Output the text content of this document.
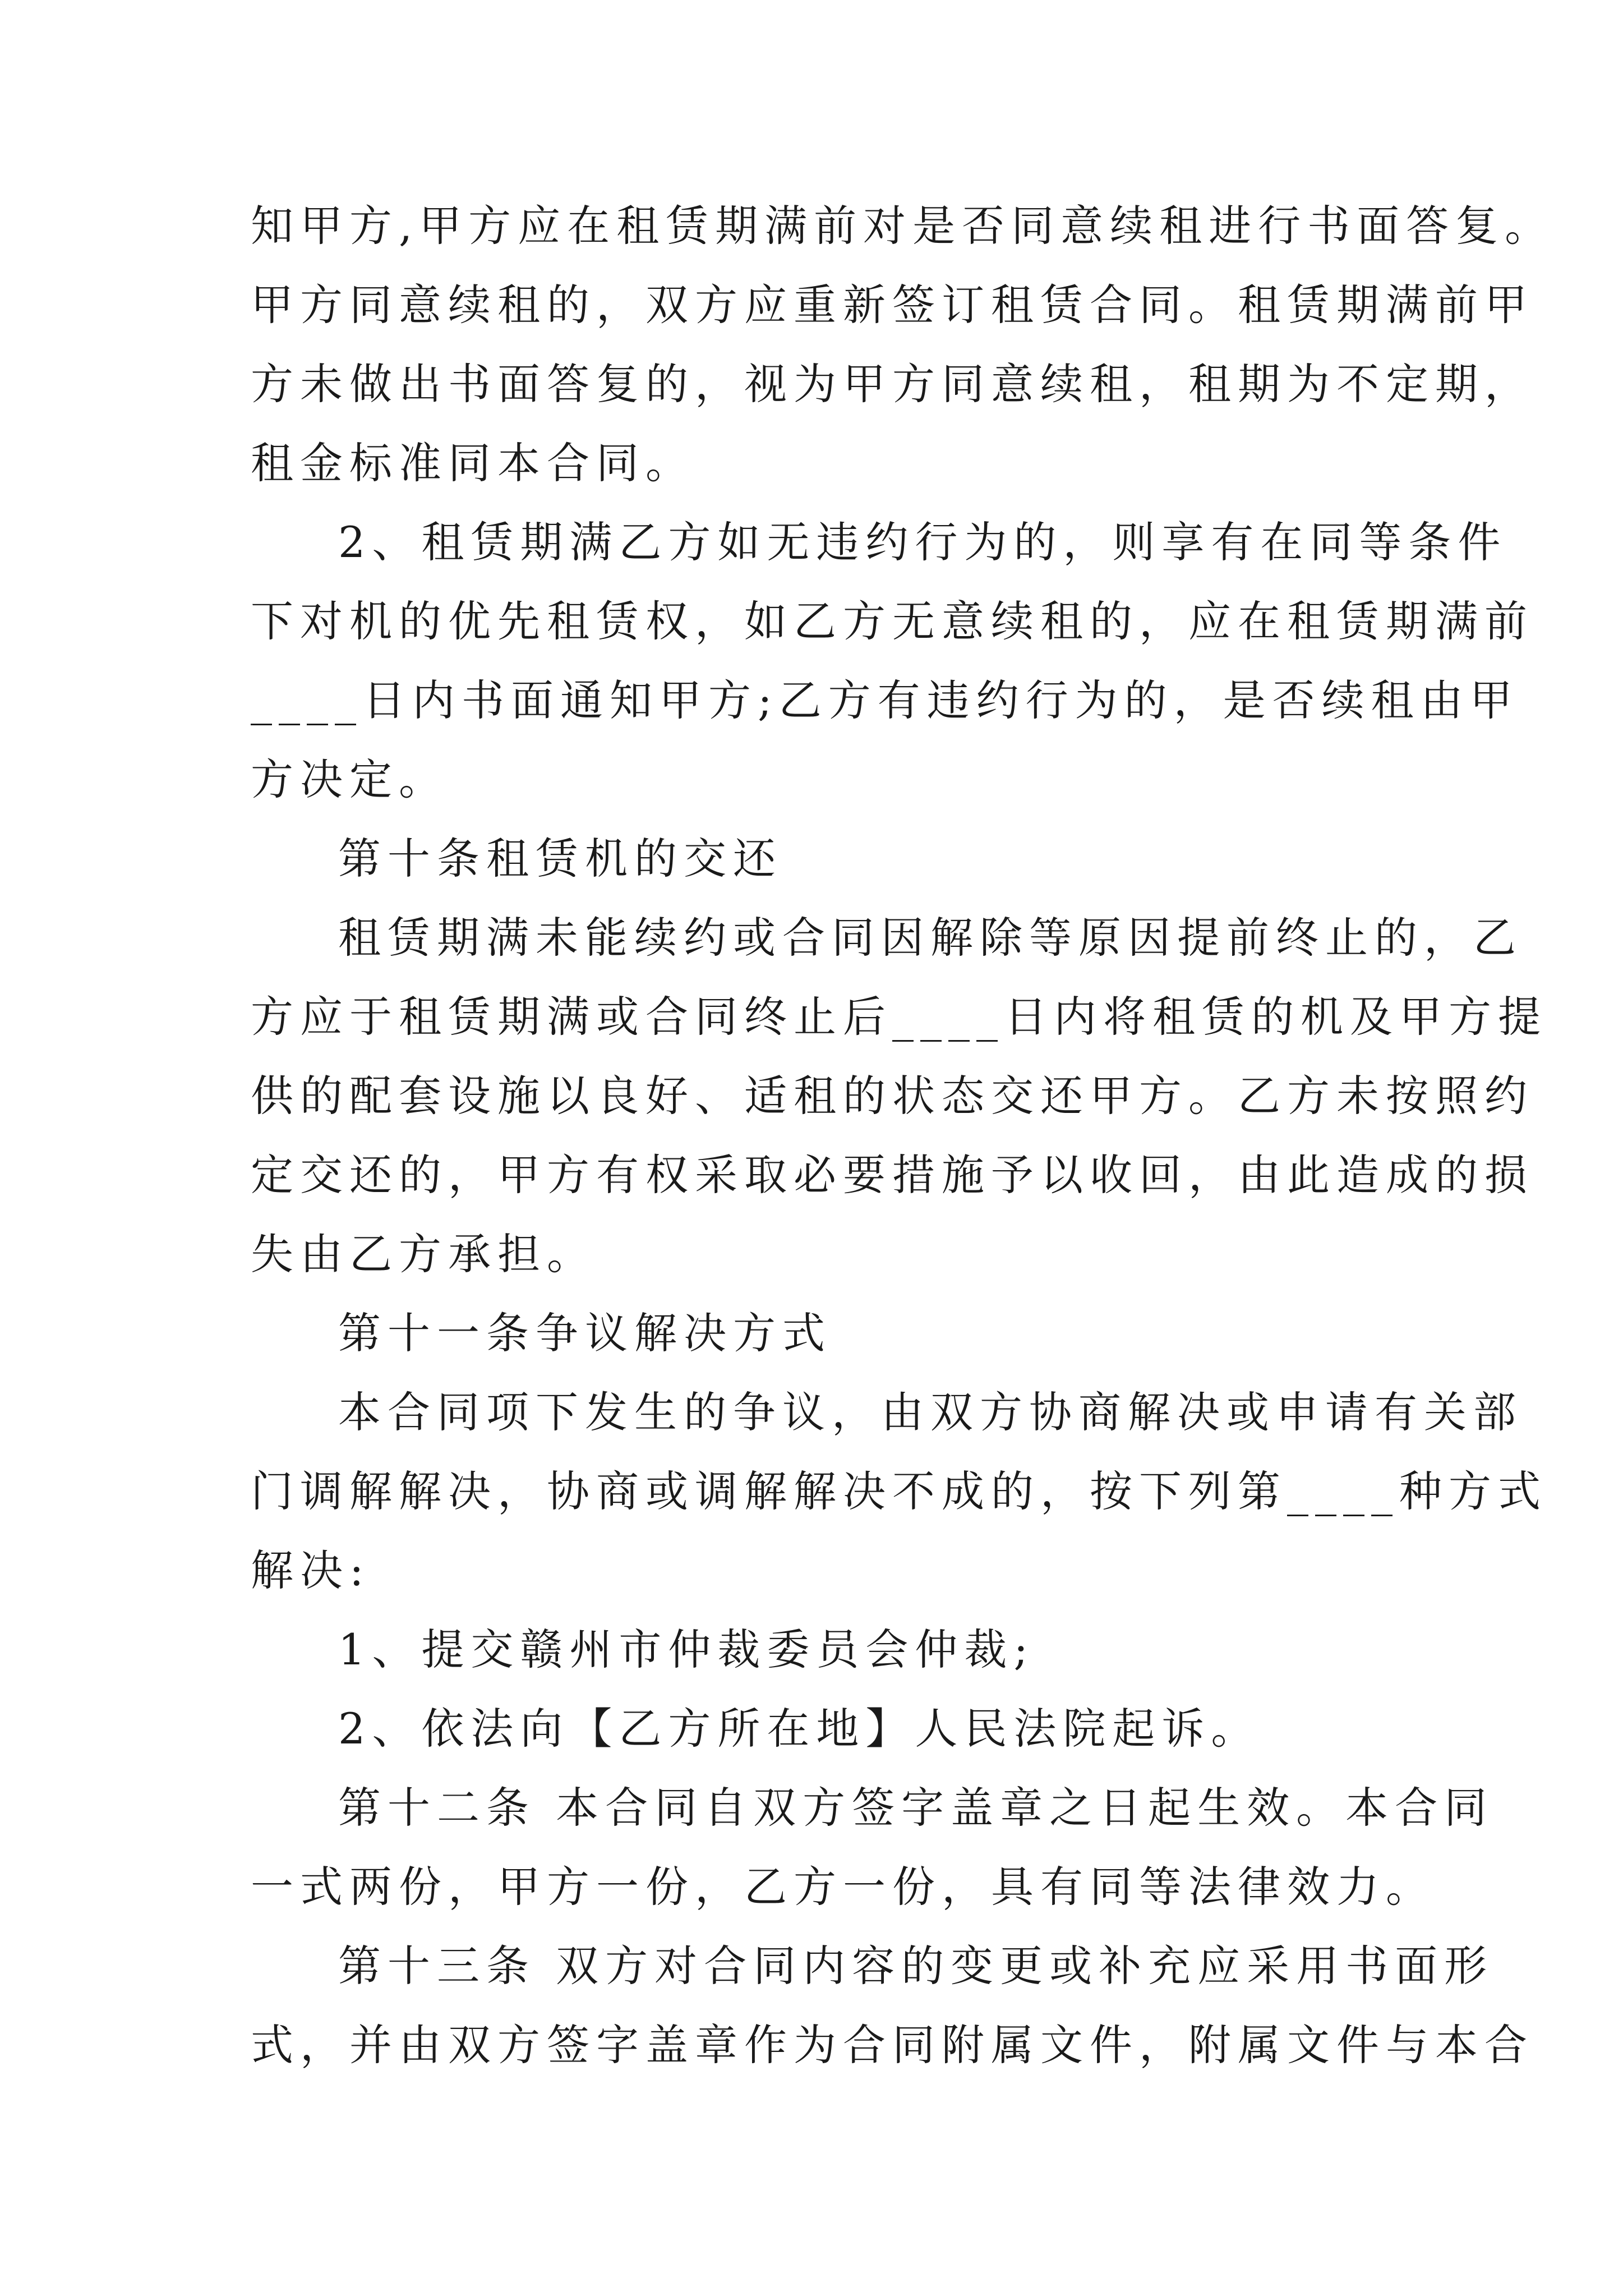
知甲方,甲方应在租赁期满前对是否同意续租进行书面答复。
甲方同意续租的，双方应重新签订租赁合同。租赁期满前甲
方未做出书面答复的，视为甲方同意续租，租期为不定期，
租金标准同本合同。
2、租赁期满乙方如无违约行为的，则享有在同等条件
下对机的优先租赁权，如乙方无意续租的，应在租赁期满前
____日内书面通知甲方;乙方有违约行为的，是否续租由甲
方决定。
第十条租赁机的交还
租赁期满未能续约或合同因解除等原因提前终止的，乙
方应于租赁期满或合同终止后____日内将租赁的机及甲方提
供的配套设施以良好、适租的状态交还甲方。乙方未按照约
定交还的，甲方有权采取必要措施予以收回，由此造成的损
失由乙方承担。
第十一条争议解决方式
本合同项下发生的争议，由双方协商解决或申请有关部
门调解解决，协商或调解解决不成的，按下列第____种方式
解决:
1、提交赣州市仲裁委员会仲裁;
2、依法向【乙方所在地】人民法院起诉。
第十二条 本合同自双方签字盖章之日起生效。本合同
一式两份，甲方一份，乙方一份，具有同等法律效力。
第十三条 双方对合同内容的变更或补充应采用书面形
式，并由双方签字盖章作为合同附属文件，附属文件与本合
